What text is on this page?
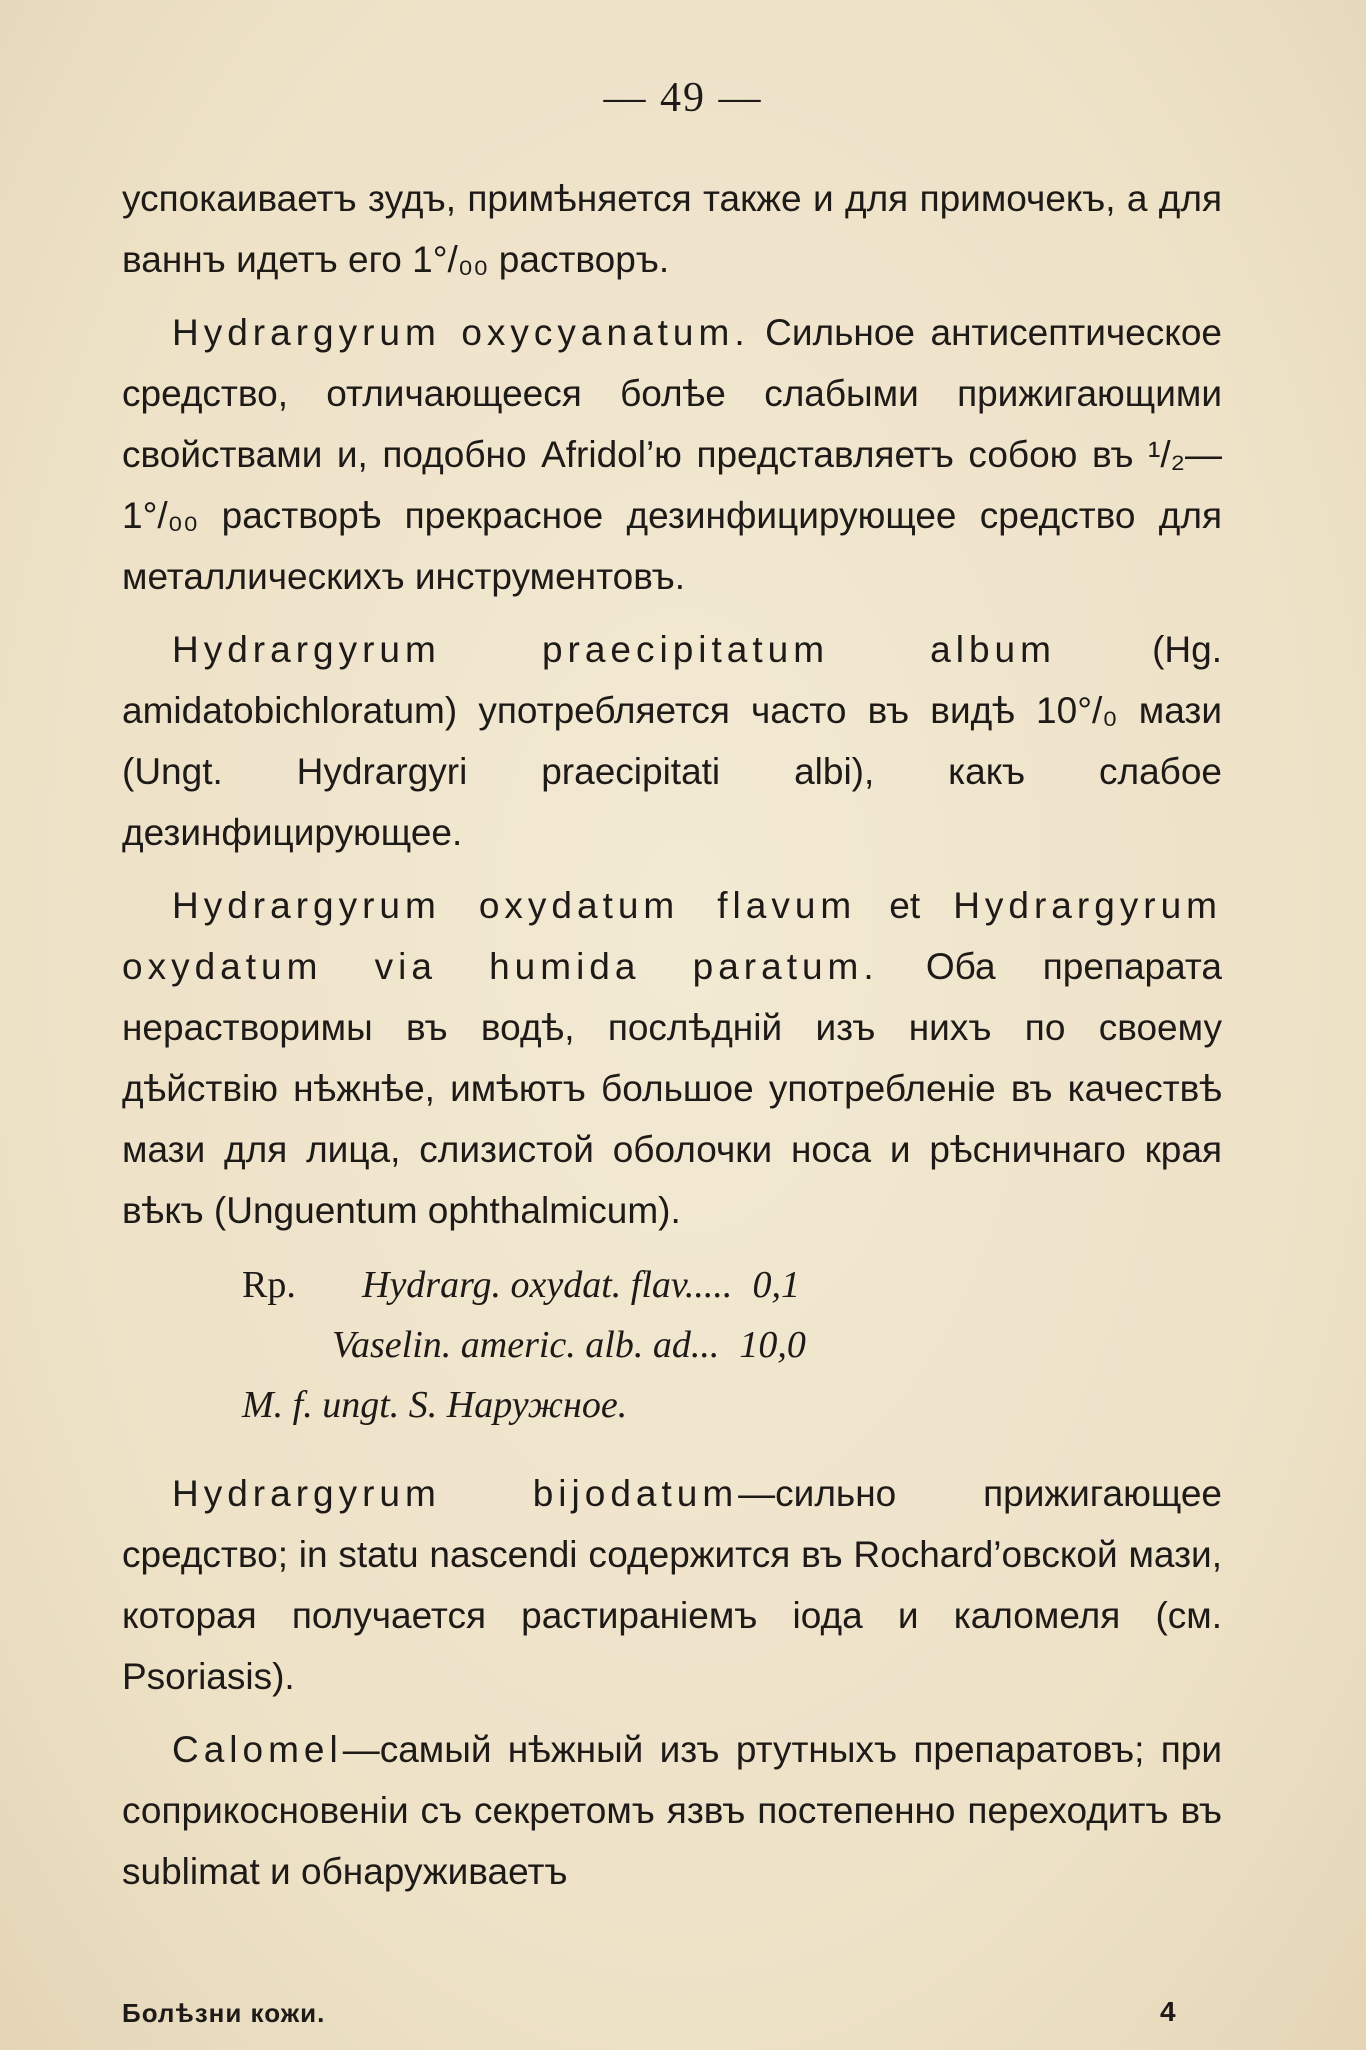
— 49 —

успокаиваетъ зудъ, примѣняется также и для примочекъ, а для ваннъ идетъ его 1°/₀₀ растворъ.

Hydrargyrum oxycyanatum. Сильное антисептическое средство, отличающееся болѣе слабыми прижигающими свойствами и, подобно Afridol’ю представляетъ собою въ ¹/₂—1°/₀₀ растворѣ прекрасное дезинфицирующее средство для металлическихъ инструментовъ.

Hydrargyrum praecipitatum album (Hg. amidatobichloratum) употребляется часто въ видѣ 10°/₀ мази (Ungt. Hydrargyri praecipitati albi), какъ слабое дезинфицирующее.

Hydrargyrum oxydatum flavum et Hydrargyrum oxydatum via humida paratum. Оба препарата нерастворимы въ водѣ, послѣднiй изъ нихъ по своему дѣйствiю нѣжнѣе, имѣютъ большое употребленiе въ качествѣ мази для лица, слизистой оболочки носа и рѣсничнаго края вѣкъ (Unguentum ophthalmicum).

Rp.	Hydrarg. oxydat. flav..... 0,1
Vaselin. americ. alb. ad... 10,0
M. f. ungt. S. Наружное.

Hydrargyrum bijodatum—сильно прижигающее средство; in statu nascendi содержится въ Rochard’овской мази, которая получается растиранiемъ iода и каломеля (см. Psoriasis).

Calomel—самый нѣжный изъ ртутныхъ препаратовъ; при соприкосновенiи съ секретомъ язвъ постепенно переходитъ въ sublimat и обнаруживаетъ

Болѣзни кожи.	4
